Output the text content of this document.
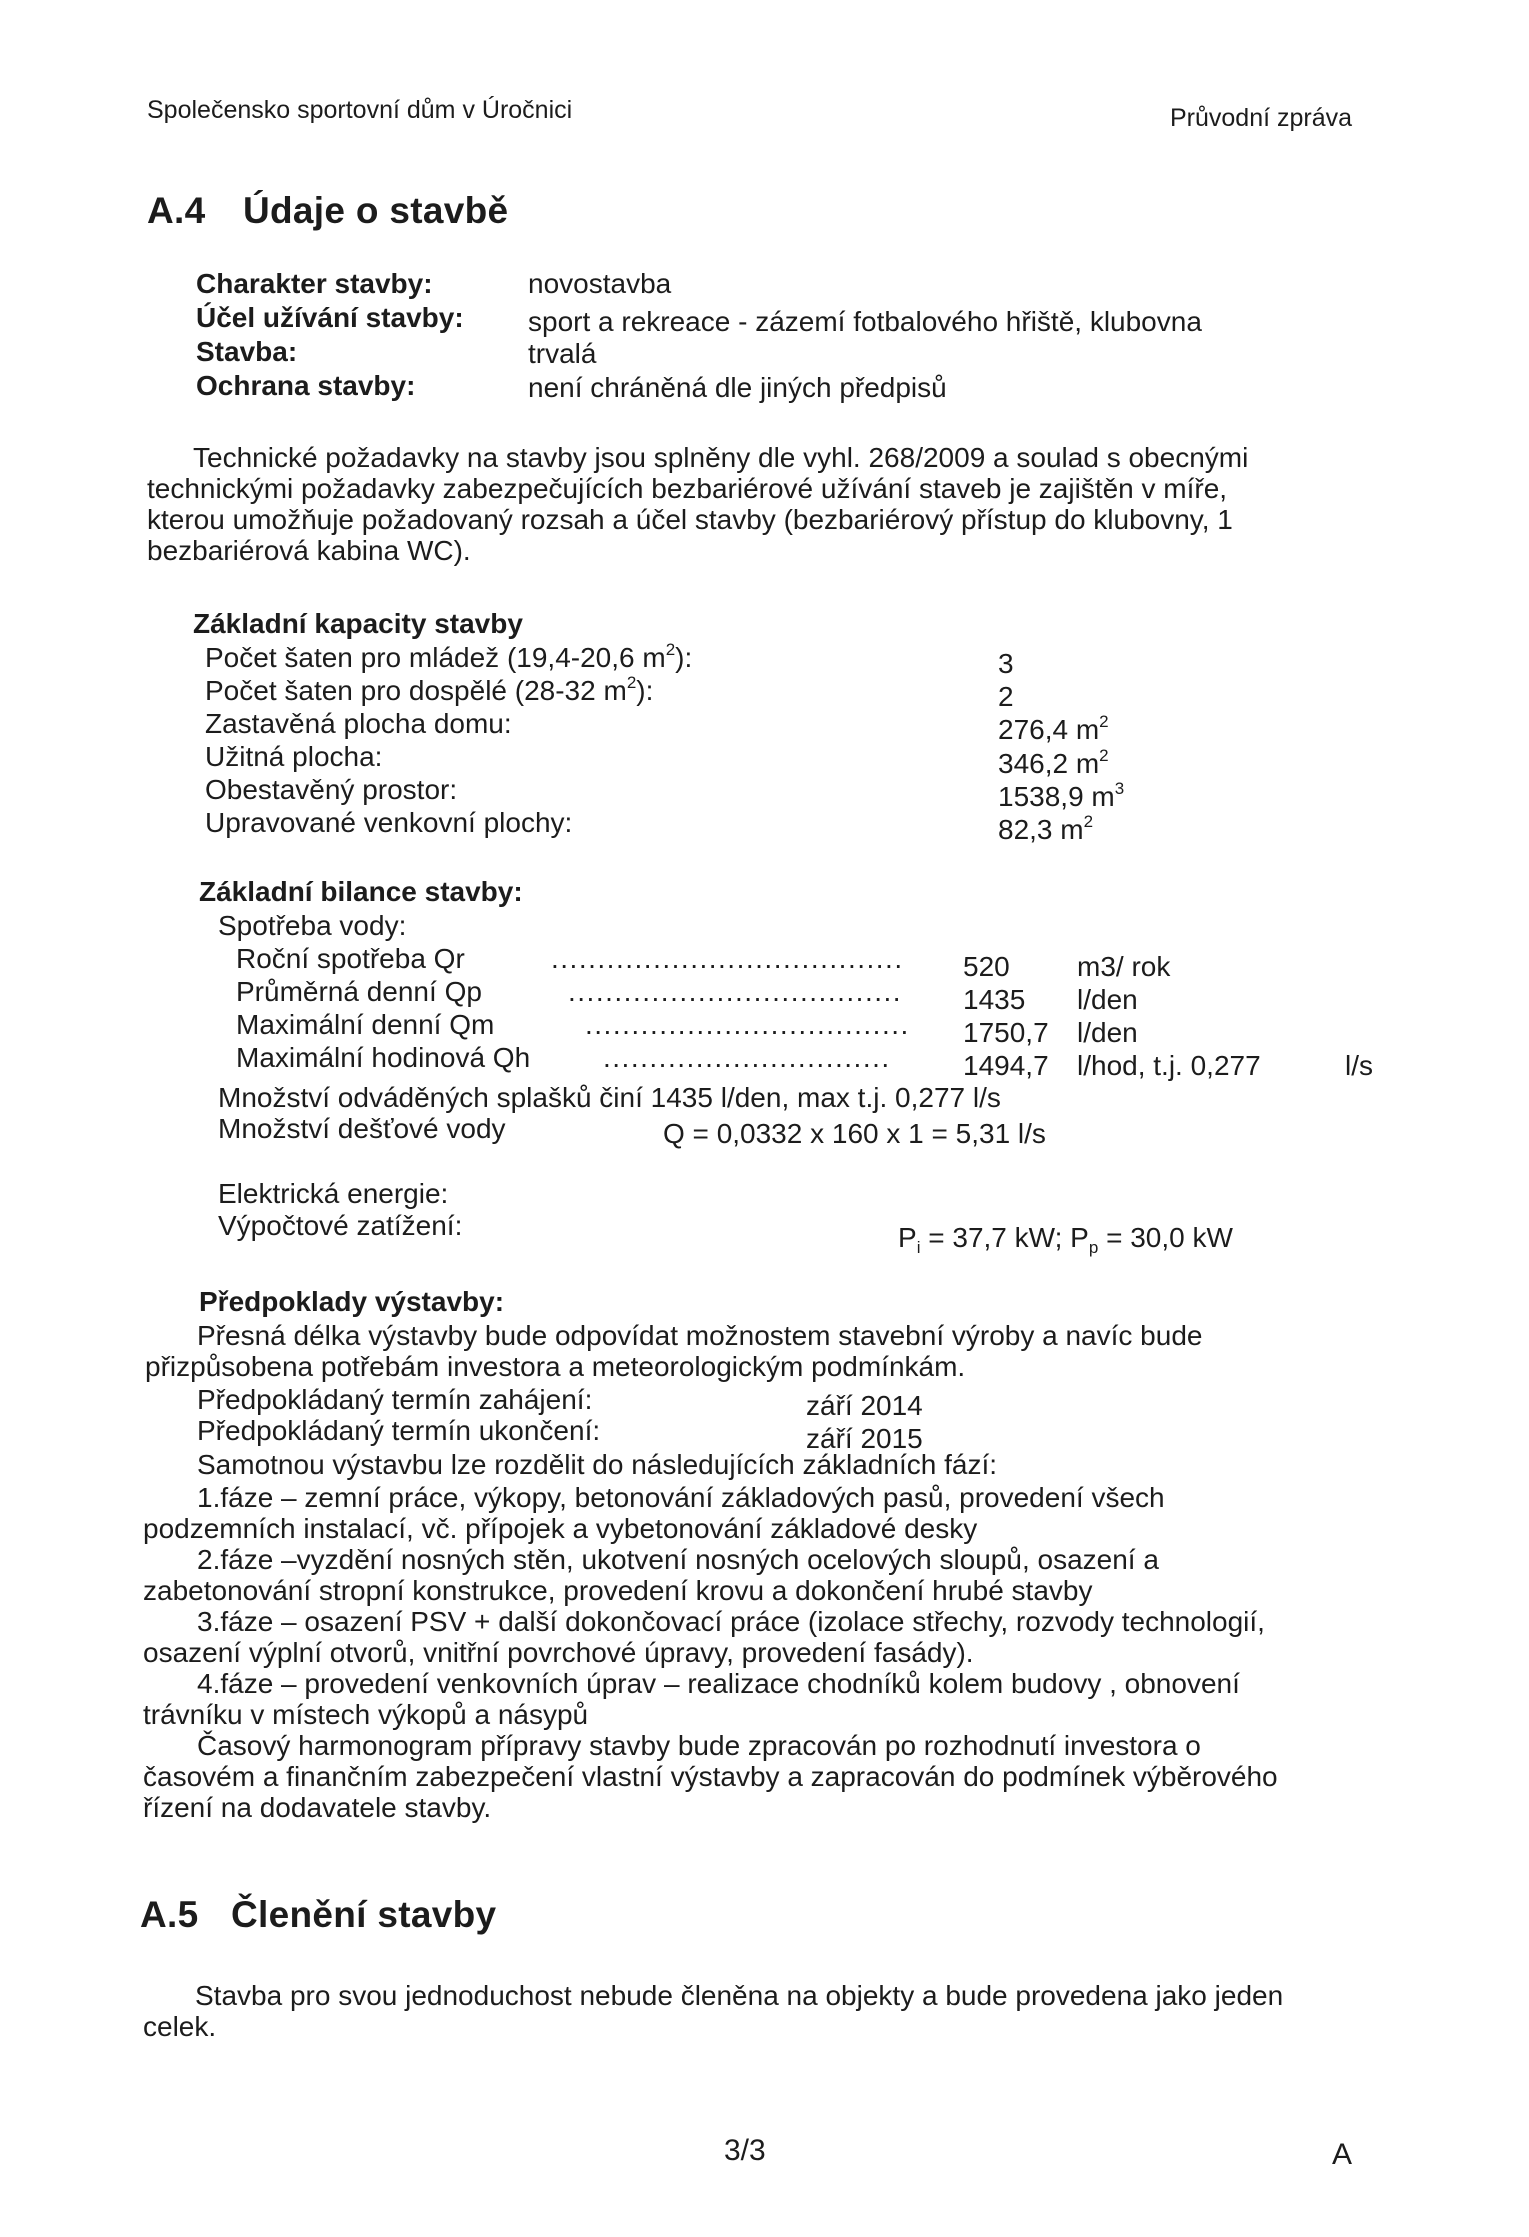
Společensko sportovní dům v Úročnici	Průvodní zpráva
A.4 Údaje o stavbě
Charakter stavby:	novostavba
Účel užívání stavby: sport a rekreace - zázemí fotbalového hřiště, klubovna
Stavba:	trvalá
Ochrana stavby:	není chráněná dle jiných předpisů
Technické požadavky na stavby jsou splněny dle vyhl. 268/2009 a soulad s obecnými
technickými požadavky zabezpečujících bezbariérové užívání staveb je zajištěn v míře,
kterou umožňuje požadovaný rozsah a účel stavby (bezbariérový přístup do klubovny, 1
bezbariérová kabina WC).
Základní kapacity stavby
Počet šaten pro mládež (19,4-20,6 $m^2$):	3
Počet šaten pro dospělé (28-32 $m^2$):	2
Zastavěná plocha domu:	276,4 $m^2$
Užitná plocha:	346,2 $m^2$
Obestavěný prostor:	1538,9 $m^3$
Upravované venkovní plochy:	82,3 $m^2$
Základní bilance stavby:
Spotřeba vody:
Roční spotřeba Qr	...................................... 520 m3/ rok
Průměrná denní Qp	.................................... 1435 l/den
Maximální denní Qm	................................... 1750,7 l/den
Maximální hodinová Qh	...............................	1494,7 l/hod, t.j. 0,277	l/s
Množství odváděných splašků činí 1435 l/den, max t.j. 0,277 l/s
Množství dešťové vody	Q = 0,0332 x 160 x 1 = 5,31 l/s
Elektrická energie:
Výpočtové zatížení:	$P_i = 37,7$ kW; $P_p = 30,0$ kW
Předpoklady výstavby:
Přesná délka výstavby bude odpovídat možnostem stavební výroby a navíc bude
přizpůsobena potřebám investora a meteorologickým podmínkám.
Předpokládaný termín zahájení:	září 2014
Předpokládaný termín ukončení:	září 2015
Samotnou výstavbu lze rozdělit do následujících základních fází:
1.fáze – zemní práce, výkopy, betonování základových pasů, provedení všech
podzemních instalací, vč. přípojek a vybetonování základové desky
2.fáze –vyzdění nosných stěn, ukotvení nosných ocelových sloupů, osazení a
zabetonování stropní konstrukce, provedení krovu a dokončení hrubé stavby
3.fáze – osazení PSV + další dokončovací práce (izolace střechy, rozvody technologií,
osazení výplní otvorů, vnitřní povrchové úpravy, provedení fasády).
4.fáze – provedení venkovních úprav – realizace chodníků kolem budovy , obnovení
trávníku v místech výkopů a násypů
Časový harmonogram přípravy stavby bude zpracován po rozhodnutí investora o
časovém a finančním zabezpečení vlastní výstavby a zapracován do podmínek výběrového
řízení na dodavatele stavby.
A.5 Členění stavby
Stavba pro svou jednoduchost nebude členěna na objekty a bude provedena jako jeden
celek.
3/3	A
